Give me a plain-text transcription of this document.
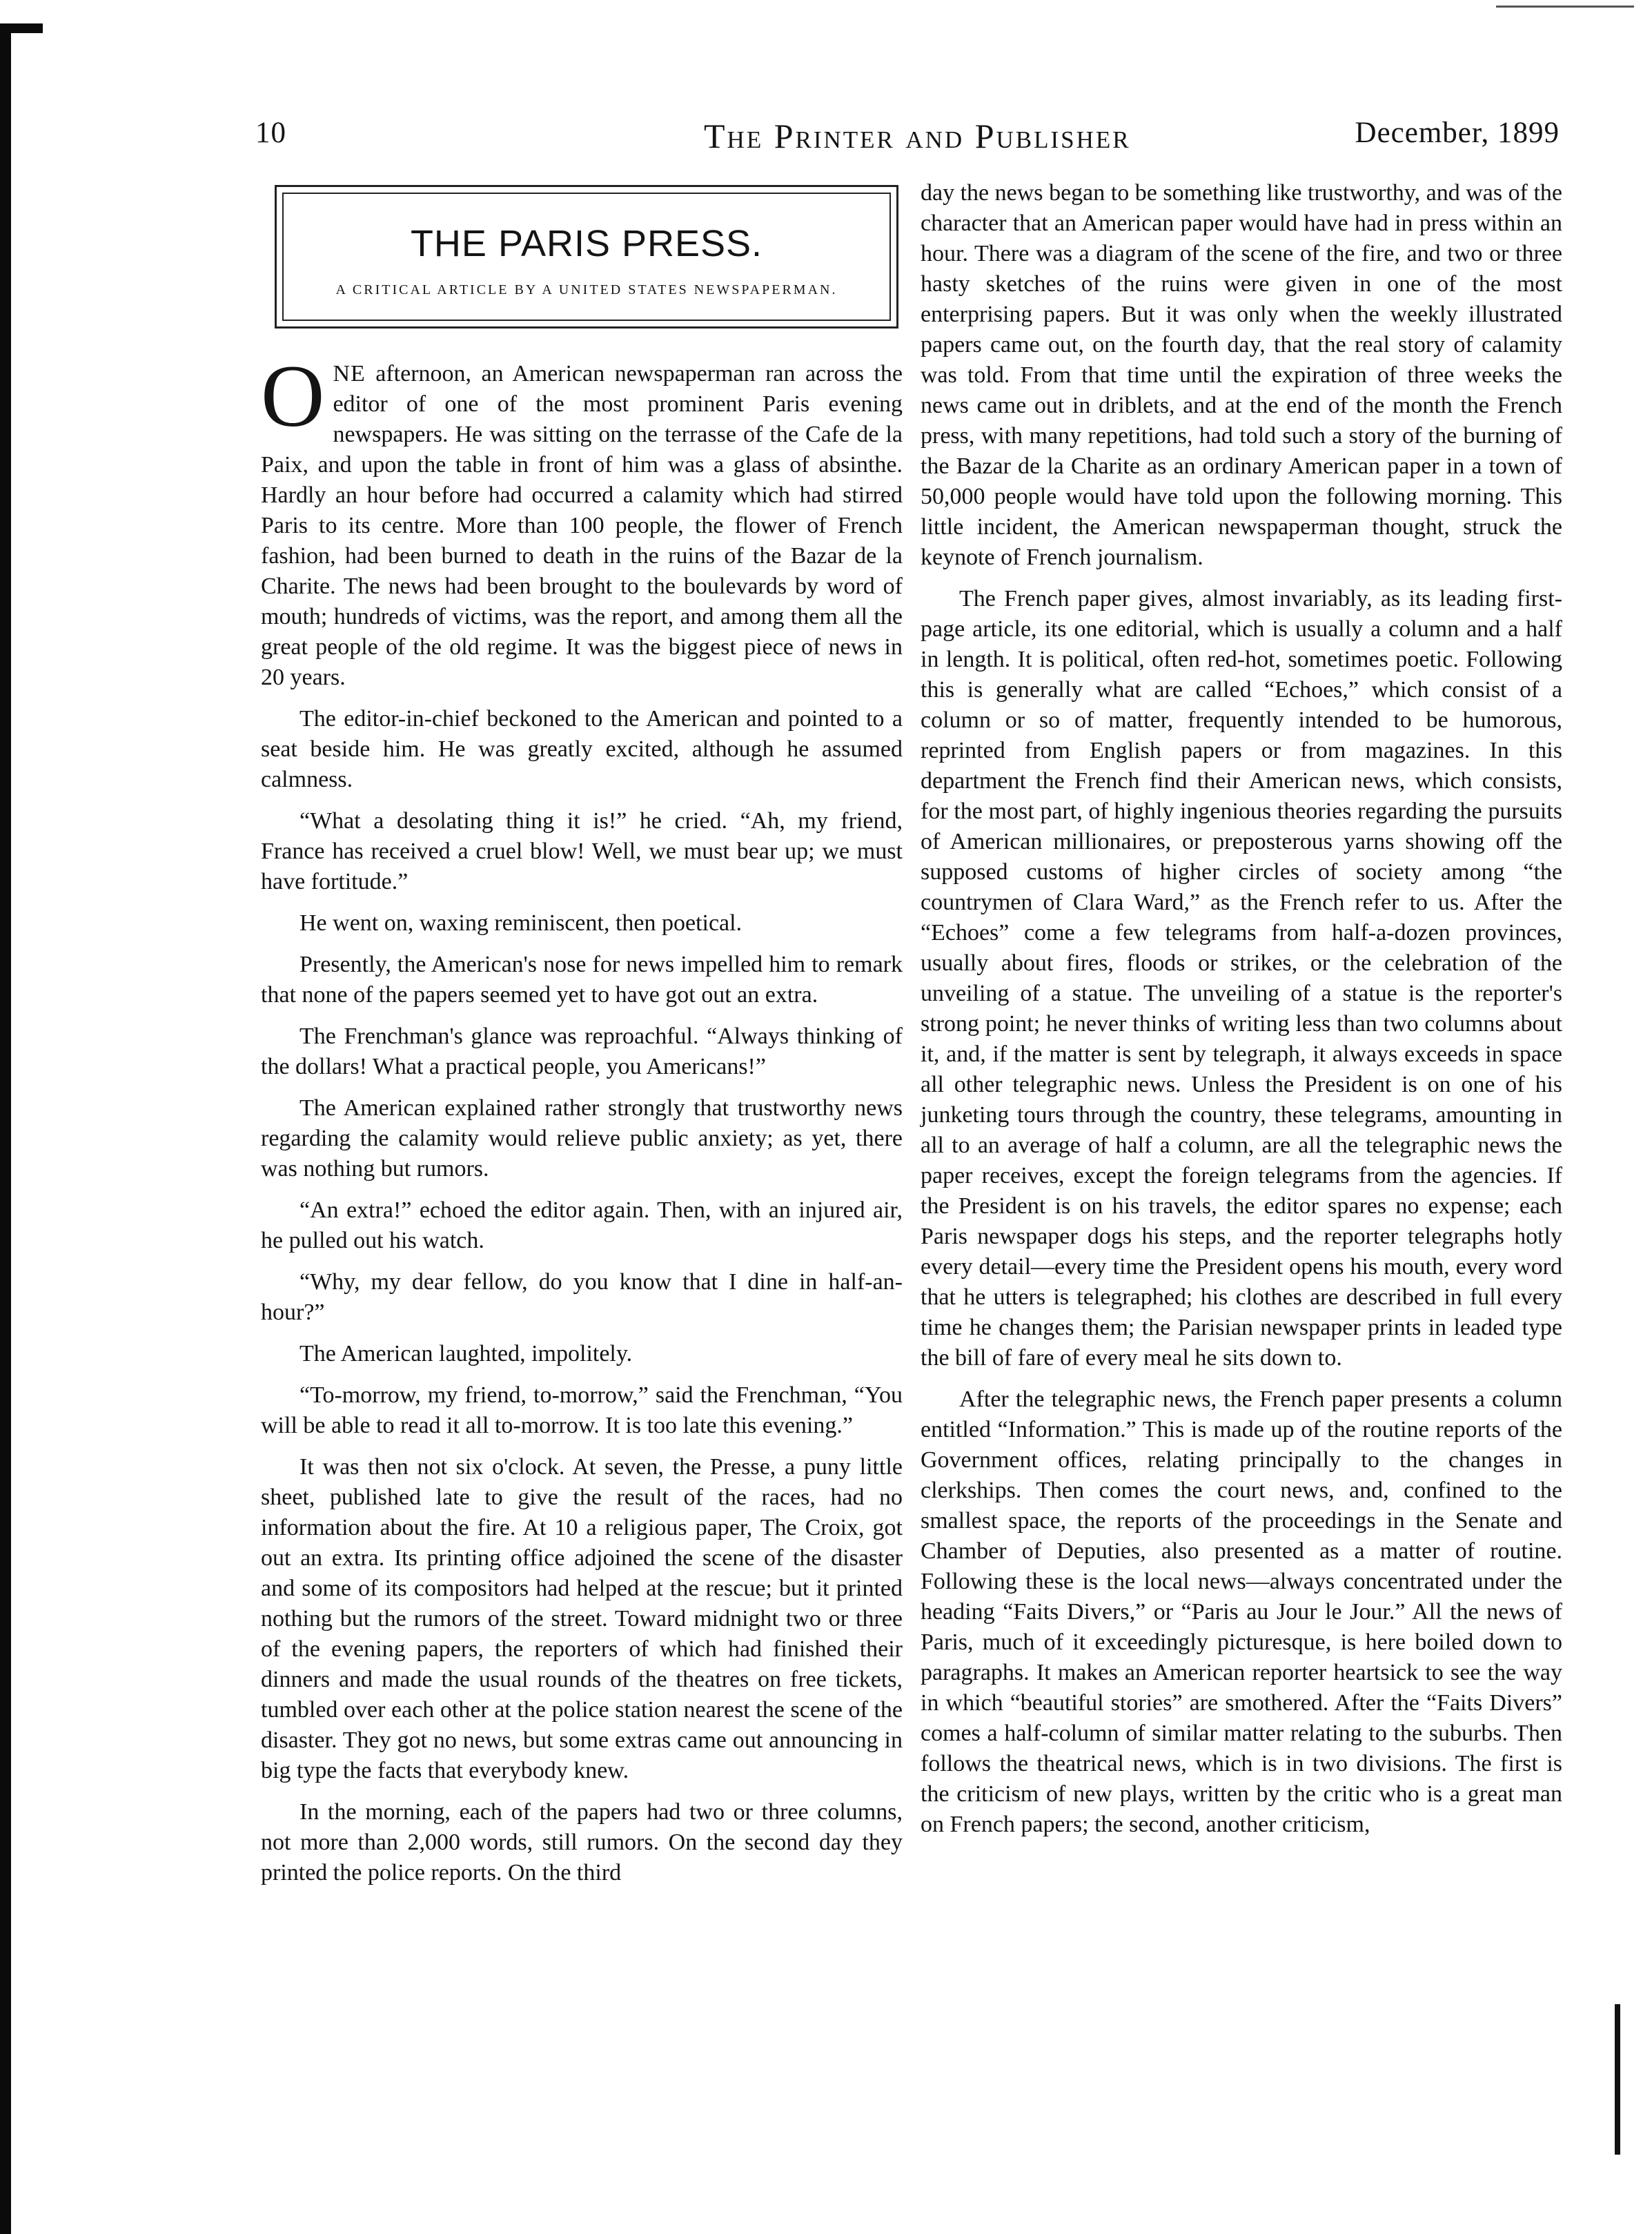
10	The Printer and Publisher	December, 1899
THE PARIS PRESS.
A CRITICAL ARTICLE BY A UNITED STATES NEWSPAPERMAN.

ONE afternoon, an American newspaperman ran across the editor of one of the most prominent Paris evening newspapers. He was sitting on the terrasse of the Cafe de la Paix, and upon the table in front of him was a glass of absinthe. Hardly an hour before had occurred a calamity which had stirred Paris to its centre. More than 100 people, the flower of French fashion, had been burned to death in the ruins of the Bazar de la Charite. The news had been brought to the boulevards by word of mouth; hundreds of victims, was the report, and among them all the great people of the old regime. It was the biggest piece of news in 20 years.

The editor-in-chief beckoned to the American and pointed to a seat beside him. He was greatly excited, although he assumed calmness.

“What a desolating thing it is!” he cried. “Ah, my friend, France has received a cruel blow! Well, we must bear up; we must have fortitude.”

He went on, waxing reminiscent, then poetical.

Presently, the American's nose for news impelled him to remark that none of the papers seemed yet to have got out an extra.

The Frenchman's glance was reproachful. “Always thinking of the dollars! What a practical people, you Americans!”

The American explained rather strongly that trustworthy news regarding the calamity would relieve public anxiety; as yet, there was nothing but rumors.

“An extra!” echoed the editor again. Then, with an injured air, he pulled out his watch.

“Why, my dear fellow, do you know that I dine in half-an-hour?”

The American laughted, impolitely.

“To-morrow, my friend, to-morrow,” said the Frenchman, “You will be able to read it all to-morrow. It is too late this evening.”

It was then not six o'clock. At seven, the Presse, a puny little sheet, published late to give the result of the races, had no information about the fire. At 10 a religious paper, The Croix, got out an extra. Its printing office adjoined the scene of the disaster and some of its compositors had helped at the rescue; but it printed nothing but the rumors of the street. Toward midnight two or three of the evening papers, the reporters of which had finished their dinners and made the usual rounds of the theatres on free tickets, tumbled over each other at the police station nearest the scene of the disaster. They got no news, but some extras came out announcing in big type the facts that everybody knew.

In the morning, each of the papers had two or three columns, not more than 2,000 words, still rumors. On the second day they printed the police reports. On the third

day the news began to be something like trustworthy, and was of the character that an American paper would have had in press within an hour. There was a diagram of the scene of the fire, and two or three hasty sketches of the ruins were given in one of the most enterprising papers. But it was only when the weekly illustrated papers came out, on the fourth day, that the real story of calamity was told. From that time until the expiration of three weeks the news came out in driblets, and at the end of the month the French press, with many repetitions, had told such a story of the burning of the Bazar de la Charite as an ordinary American paper in a town of 50,000 people would have told upon the following morning. This little incident, the American newspaperman thought, struck the keynote of French journalism.

The French paper gives, almost invariably, as its leading first-page article, its one editorial, which is usually a column and a half in length. It is political, often red-hot, sometimes poetic. Following this is generally what are called “Echoes,” which consist of a column or so of matter, frequently intended to be humorous, reprinted from English papers or from magazines. In this department the French find their American news, which consists, for the most part, of highly ingenious theories regarding the pursuits of American millionaires, or preposterous yarns showing off the supposed customs of higher circles of society among “the countrymen of Clara Ward,” as the French refer to us. After the “Echoes” come a few telegrams from half-a-dozen provinces, usually about fires, floods or strikes, or the celebration of the unveiling of a statue. The unveiling of a statue is the reporter's strong point; he never thinks of writing less than two columns about it, and, if the matter is sent by telegraph, it always exceeds in space all other telegraphic news. Unless the President is on one of his junketing tours through the country, these telegrams, amounting in all to an average of half a column, are all the telegraphic news the paper receives, except the foreign telegrams from the agencies. If the President is on his travels, the editor spares no expense; each Paris newspaper dogs his steps, and the reporter telegraphs hotly every detail—every time the President opens his mouth, every word that he utters is telegraphed; his clothes are described in full every time he changes them; the Parisian newspaper prints in leaded type the bill of fare of every meal he sits down to.

After the telegraphic news, the French paper presents a column entitled “Information.” This is made up of the routine reports of the Government offices, relating principally to the changes in clerkships. Then comes the court news, and, confined to the smallest space, the reports of the proceedings in the Senate and Chamber of Deputies, also presented as a matter of routine. Following these is the local news—always concentrated under the heading “Faits Divers,” or “Paris au Jour le Jour.” All the news of Paris, much of it exceedingly picturesque, is here boiled down to paragraphs. It makes an American reporter heartsick to see the way in which “beautiful stories” are smothered. After the “Faits Divers” comes a half-column of similar matter relating to the suburbs. Then follows the theatrical news, which is in two divisions. The first is the criticism of new plays, written by the critic who is a great man on French papers; the second, another criticism,
